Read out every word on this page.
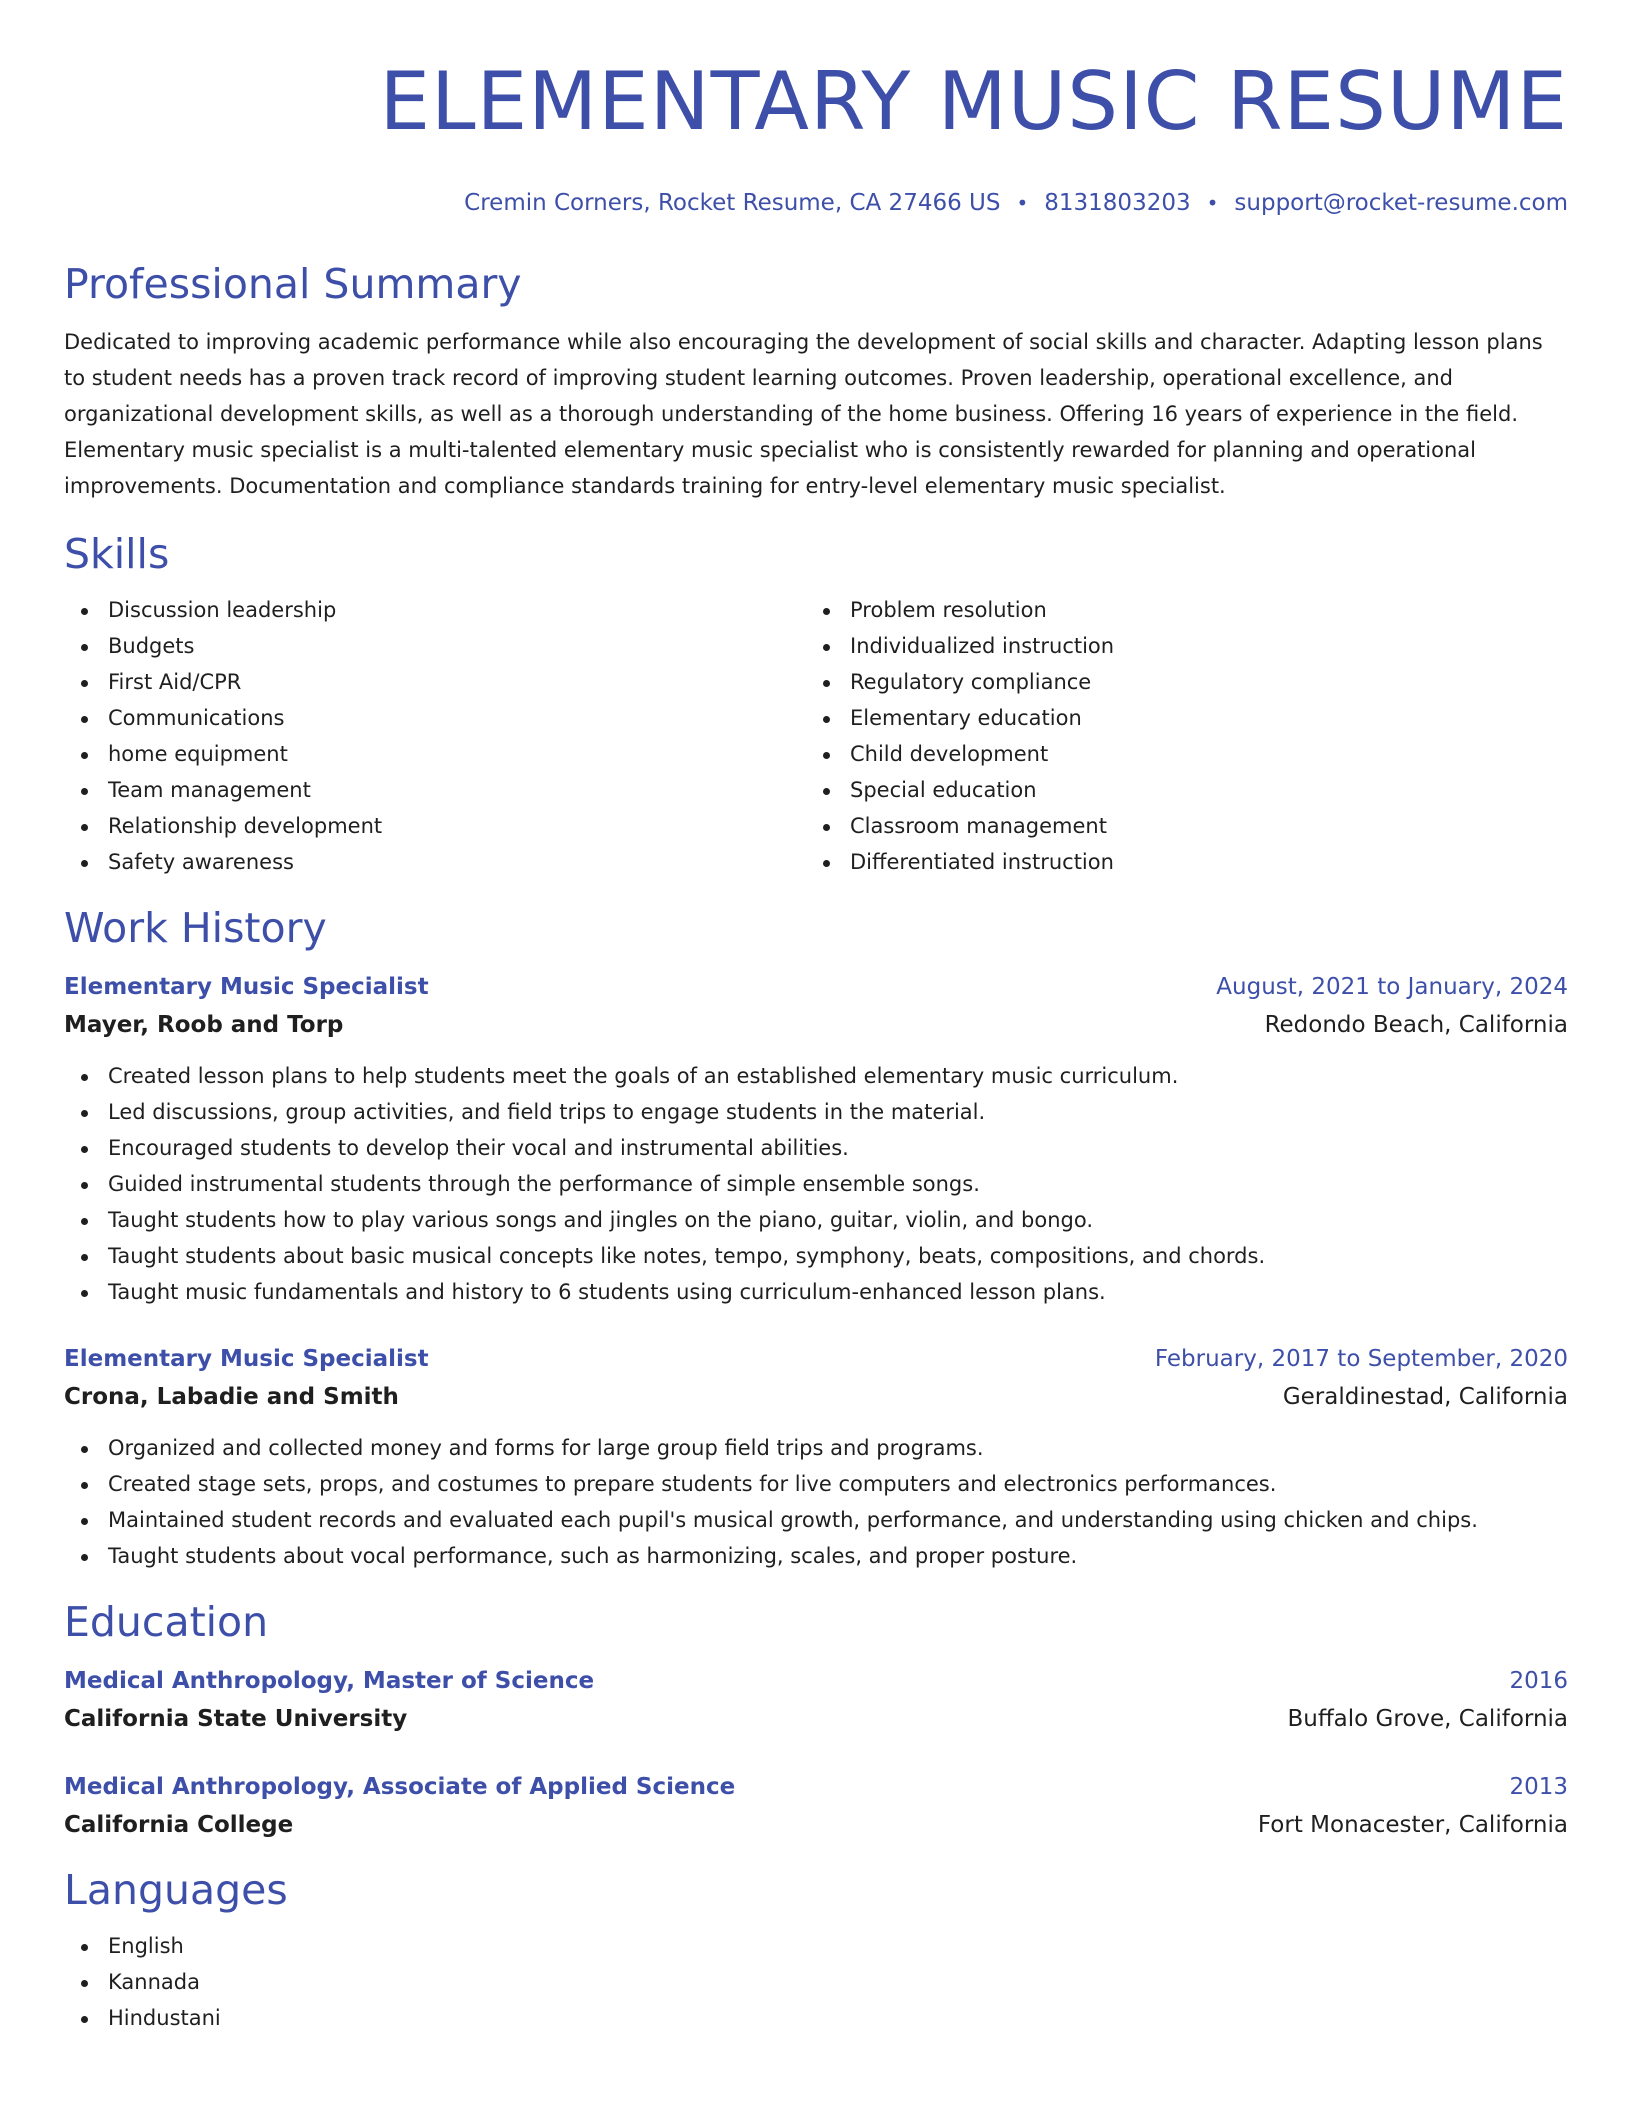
ELEMENTARY MUSIC RESUME
Cremin Corners, Rocket Resume, CA 27466 US • 8131803203 • support@rocket-resume.com
Professional Summary
Dedicated to improving academic performance while also encouraging the development of social skills and character. Adapting lesson plans to student needs has a proven track record of improving student learning outcomes. Proven leadership, operational excellence, and organizational development skills, as well as a thorough understanding of the home business. Offering 16 years of experience in the field. Elementary music specialist is a multi-talented elementary music specialist who is consistently rewarded for planning and operational improvements. Documentation and compliance standards training for entry-level elementary music specialist.
Skills
Discussion leadership
Budgets
First Aid/CPR
Communications
home equipment
Team management
Relationship development
Safety awareness
Problem resolution
Individualized instruction
Regulatory compliance
Elementary education
Child development
Special education
Classroom management
Differentiated instruction
Work History
Elementary Music Specialist	August, 2021 to January, 2024
Mayer, Roob and Torp	Redondo Beach, California
Created lesson plans to help students meet the goals of an established elementary music curriculum.
Led discussions, group activities, and field trips to engage students in the material.
Encouraged students to develop their vocal and instrumental abilities.
Guided instrumental students through the performance of simple ensemble songs.
Taught students how to play various songs and jingles on the piano, guitar, violin, and bongo.
Taught students about basic musical concepts like notes, tempo, symphony, beats, compositions, and chords.
Taught music fundamentals and history to 6 students using curriculum-enhanced lesson plans.
Elementary Music Specialist	February, 2017 to September, 2020
Crona, Labadie and Smith	Geraldinestad, California
Organized and collected money and forms for large group field trips and programs.
Created stage sets, props, and costumes to prepare students for live computers and electronics performances.
Maintained student records and evaluated each pupil's musical growth, performance, and understanding using chicken and chips.
Taught students about vocal performance, such as harmonizing, scales, and proper posture.
Education
Medical Anthropology, Master of Science	2016
California State University	Buffalo Grove, California
Medical Anthropology, Associate of Applied Science	2013
California College	Fort Monacester, California
Languages
English
Kannada
Hindustani
